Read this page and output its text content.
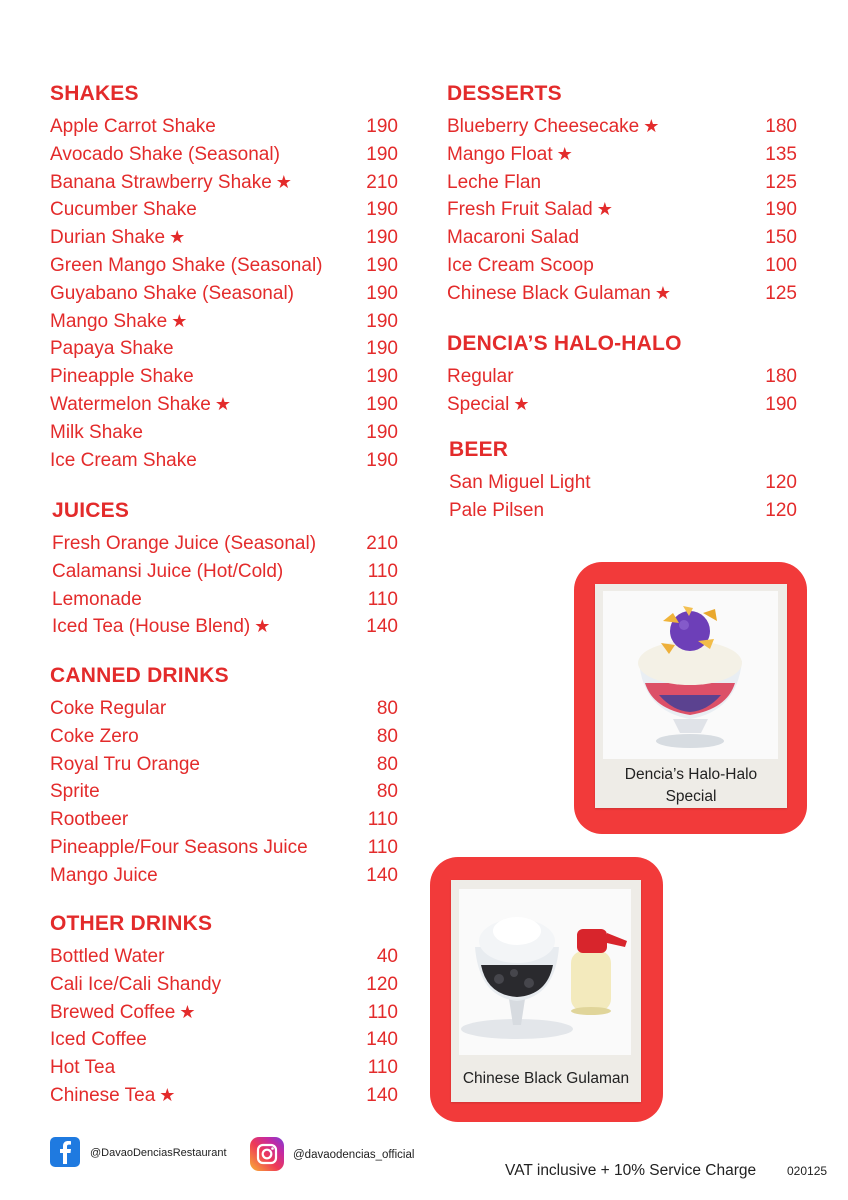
SHAKES
Apple Carrot Shake	190
Avocado Shake (Seasonal)	190
Banana Strawberry Shake ★	210
Cucumber Shake	190
Durian Shake ★	190
Green Mango Shake (Seasonal) 190
Guyabano Shake (Seasonal)	190
Mango Shake ★	190
Papaya Shake	190
Pineapple Shake	190
Watermelon Shake ★	190
Milk Shake	190
Ice Cream Shake	190
JUICES
Fresh Orange Juice (Seasonal)	210
Calamansi Juice (Hot/Cold)	110
Lemonade	110
Iced Tea (House Blend) ★	140
CANNED DRINKS
Coke Regular	80
Coke Zero	80
Royal Tru Orange	80
Sprite	80
Rootbeer	110
Pineapple/Four Seasons Juice	110
Mango Juice	140
OTHER DRINKS
Bottled Water	40
Cali Ice/Cali Shandy	120
Brewed Coffee ★	110
Iced Coffee	140
Hot Tea	110
Chinese Tea ★	140
DESSERTS
Blueberry Cheesecake ★	180
Mango Float ★	135
Leche Flan	125
Fresh Fruit Salad ★	190
Macaroni Salad	150
Ice Cream Scoop	100
Chinese Black Gulaman ★	125
DENCIA’S HALO-HALO
Regular	180
Special ★	190
BEER
San Miguel Light	120
Pale Pilsen	120
Dencia’s Halo-Halo
Special
Chinese Black Gulaman
@DavaoDenciasRestaurant	@davaodencias_official
VAT inclusive + 10% Service Charge	020125
